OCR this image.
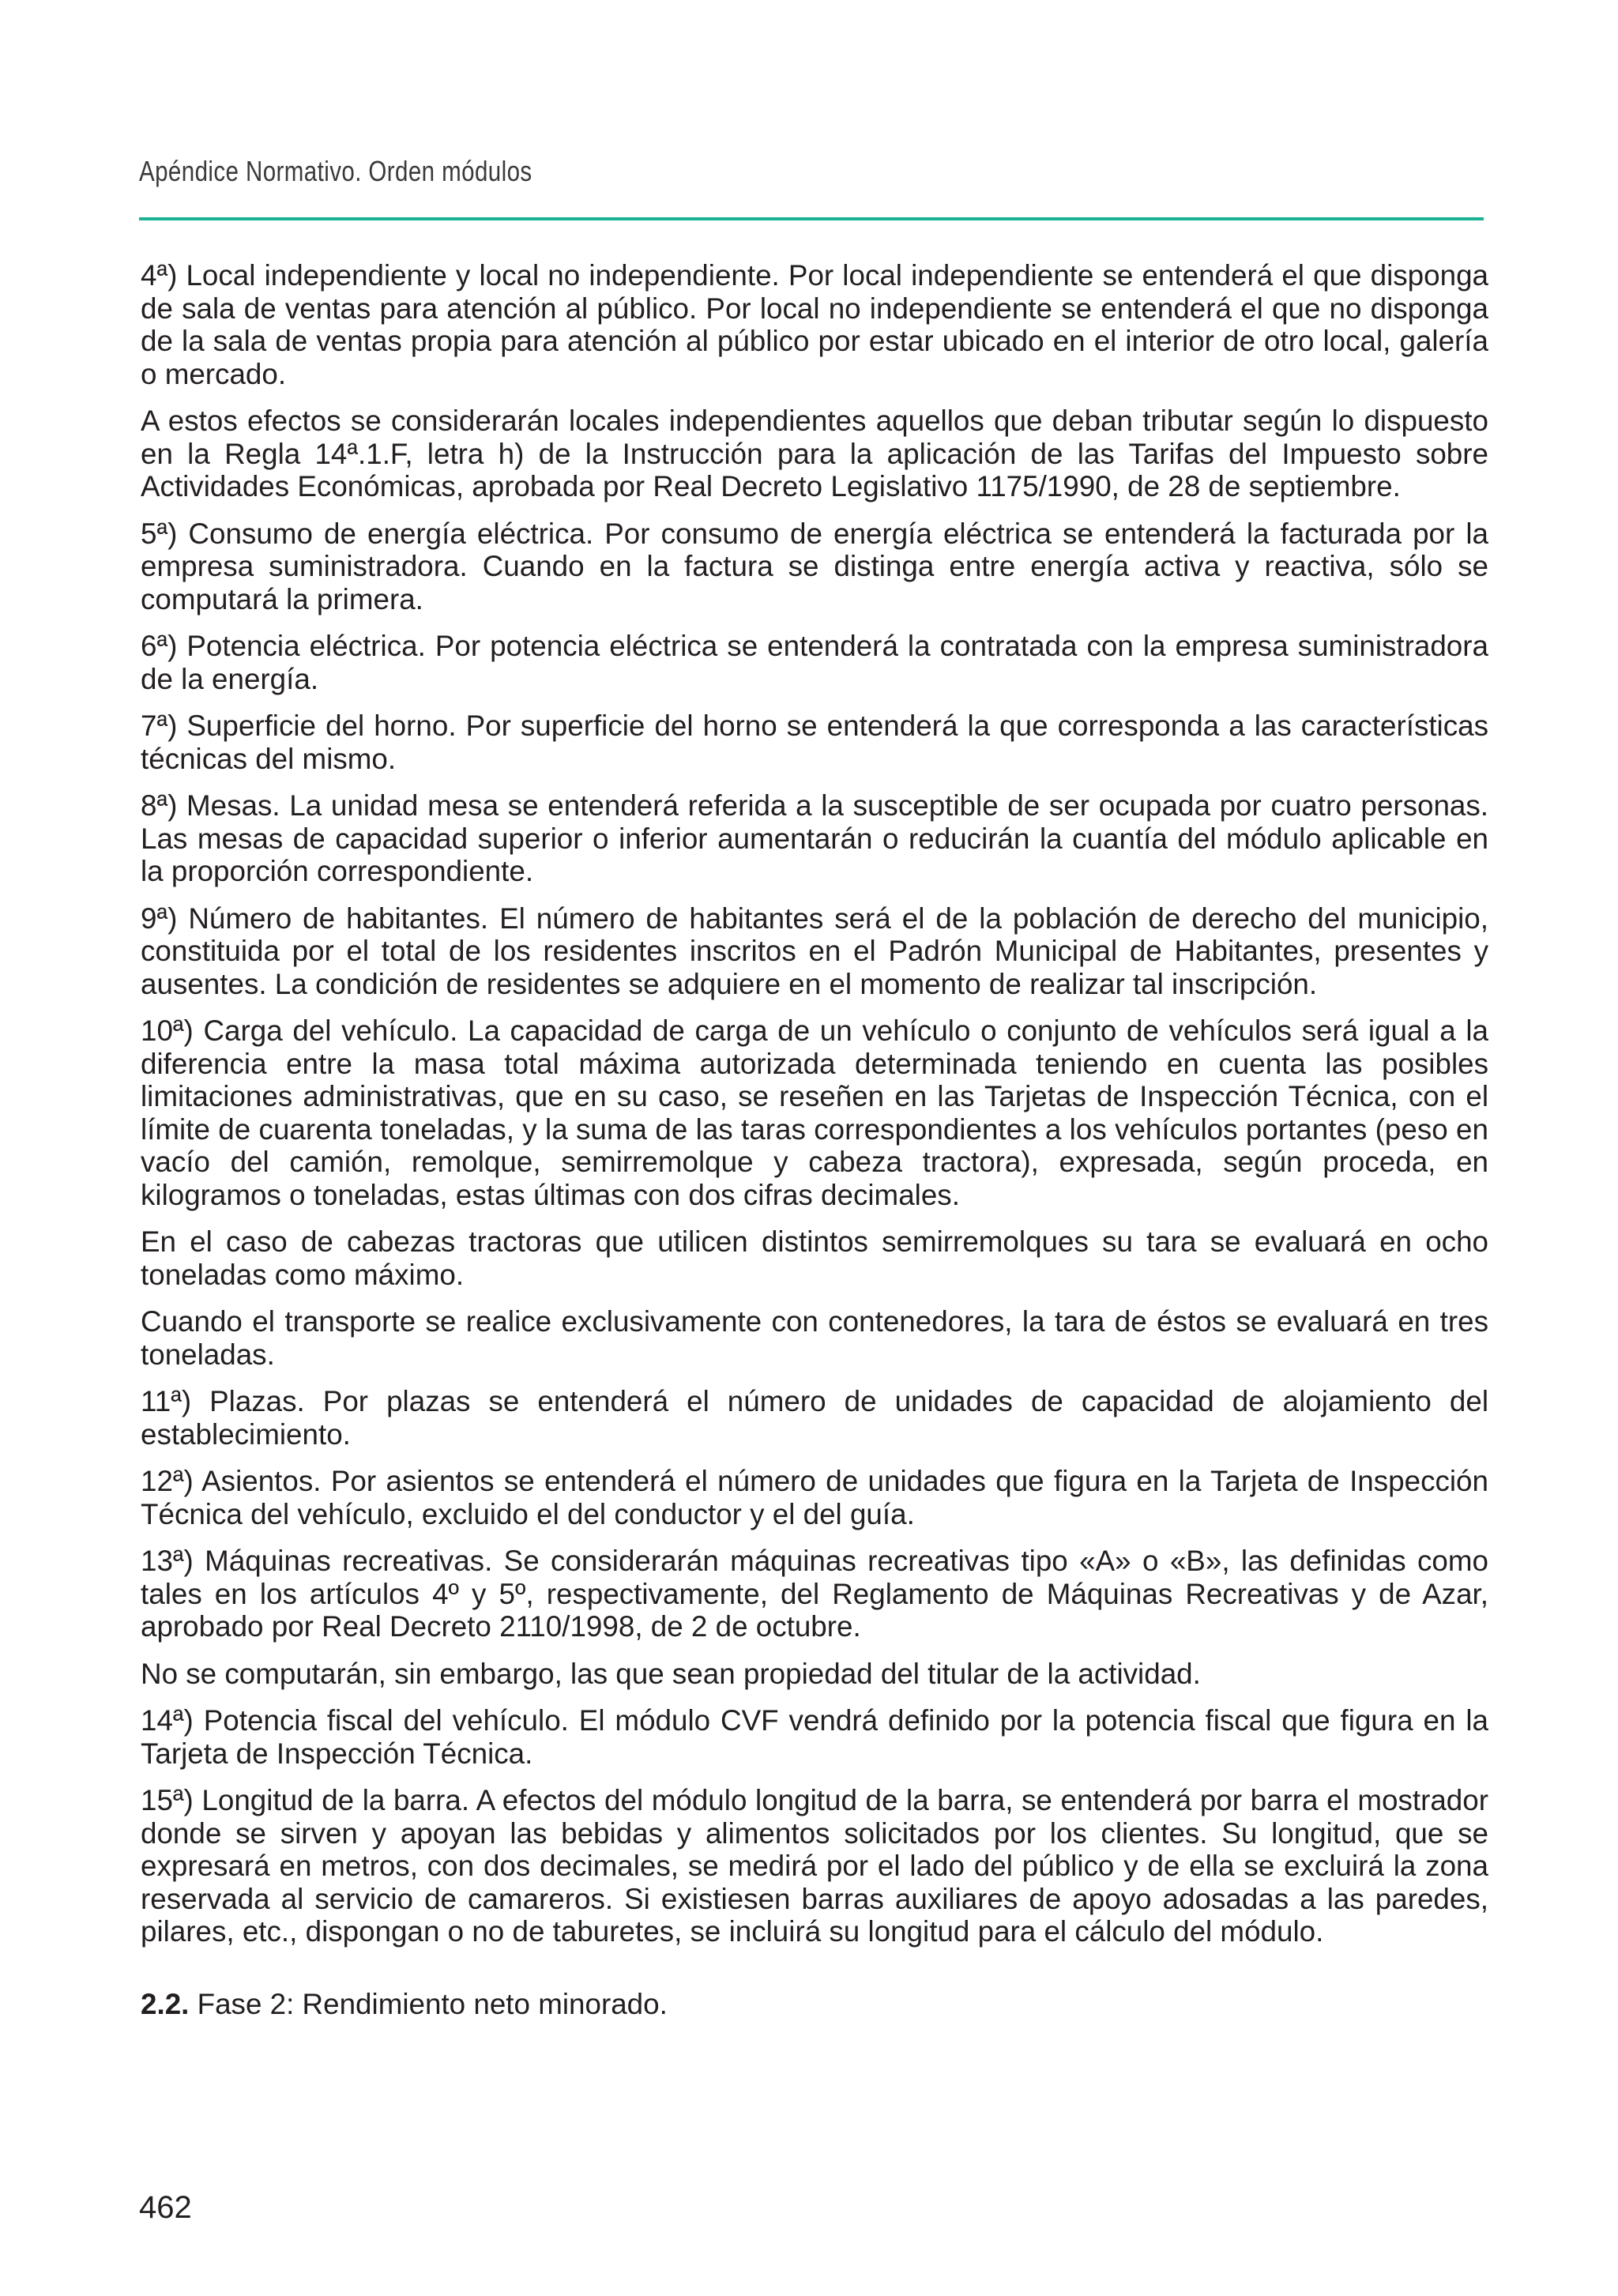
Apéndice Normativo. Orden módulos

4ª) Local independiente y local no independiente. Por local independiente se entenderá el que disponga de sala de ventas para atención al público. Por local no independiente se entenderá el que no disponga de la sala de ventas propia para atención al público por estar ubicado en el interior de otro local, galería o mercado.

A estos efectos se considerarán locales independientes aquellos que deban tributar según lo dispuesto en la Regla 14ª.1.F, letra h) de la Instrucción para la aplicación de las Tarifas del Impuesto sobre Actividades Económicas, aprobada por Real Decreto Legislativo 1175/1990, de 28 de septiembre.

5ª) Consumo de energía eléctrica. Por consumo de energía eléctrica se entenderá la facturada por la empresa suministradora. Cuando en la factura se distinga entre energía activa y reactiva, sólo se computará la primera.

6ª) Potencia eléctrica. Por potencia eléctrica se entenderá la contratada con la empresa suministradora de la energía.

7ª) Superficie del horno. Por superficie del horno se entenderá la que corresponda a las características técnicas del mismo.

8ª) Mesas. La unidad mesa se entenderá referida a la susceptible de ser ocupada por cuatro personas. Las mesas de capacidad superior o inferior aumentarán o reducirán la cuantía del módulo aplicable en la proporción correspondiente.

9ª) Número de habitantes. El número de habitantes será el de la población de derecho del municipio, constituida por el total de los residentes inscritos en el Padrón Municipal de Habitantes, presentes y ausentes. La condición de residentes se adquiere en el momento de realizar tal inscripción.

10ª) Carga del vehículo. La capacidad de carga de un vehículo o conjunto de vehículos será igual a la diferencia entre la masa total máxima autorizada determinada teniendo en cuenta las posibles limitaciones administrativas, que en su caso, se reseñen en las Tarjetas de Inspección Técnica, con el límite de cuarenta toneladas, y la suma de las taras correspondientes a los vehículos portantes (peso en vacío del camión, remolque, semirremolque y cabeza tractora), expresada, según proceda, en kilogramos o toneladas, estas últimas con dos cifras decimales.

En el caso de cabezas tractoras que utilicen distintos semirremolques su tara se evaluará en ocho toneladas como máximo.

Cuando el transporte se realice exclusivamente con contenedores, la tara de éstos se evaluará en tres toneladas.

11ª) Plazas. Por plazas se entenderá el número de unidades de capacidad de alojamiento del establecimiento.

12ª) Asientos. Por asientos se entenderá el número de unidades que figura en la Tarjeta de Inspección Técnica del vehículo, excluido el del conductor y el del guía.

13ª) Máquinas recreativas. Se considerarán máquinas recreativas tipo «A» o «B», las definidas como tales en los artículos 4º y 5º, respectivamente, del Reglamento de Máquinas Recreativas y de Azar, aprobado por Real Decreto 2110/1998, de 2 de octubre.

No se computarán, sin embargo, las que sean propiedad del titular de la actividad.

14ª) Potencia fiscal del vehículo. El módulo CVF vendrá definido por la potencia fiscal que figura en la Tarjeta de Inspección Técnica.

15ª) Longitud de la barra. A efectos del módulo longitud de la barra, se entenderá por barra el mostrador donde se sirven y apoyan las bebidas y alimentos solicitados por los clientes. Su longitud, que se expresará en metros, con dos decimales, se medirá por el lado del público y de ella se excluirá la zona reservada al servicio de camareros. Si existiesen barras auxiliares de apoyo adosadas a las paredes, pilares, etc., dispongan o no de taburetes, se incluirá su longitud para el cálculo del módulo.

2.2. Fase 2: Rendimiento neto minorado.
462
